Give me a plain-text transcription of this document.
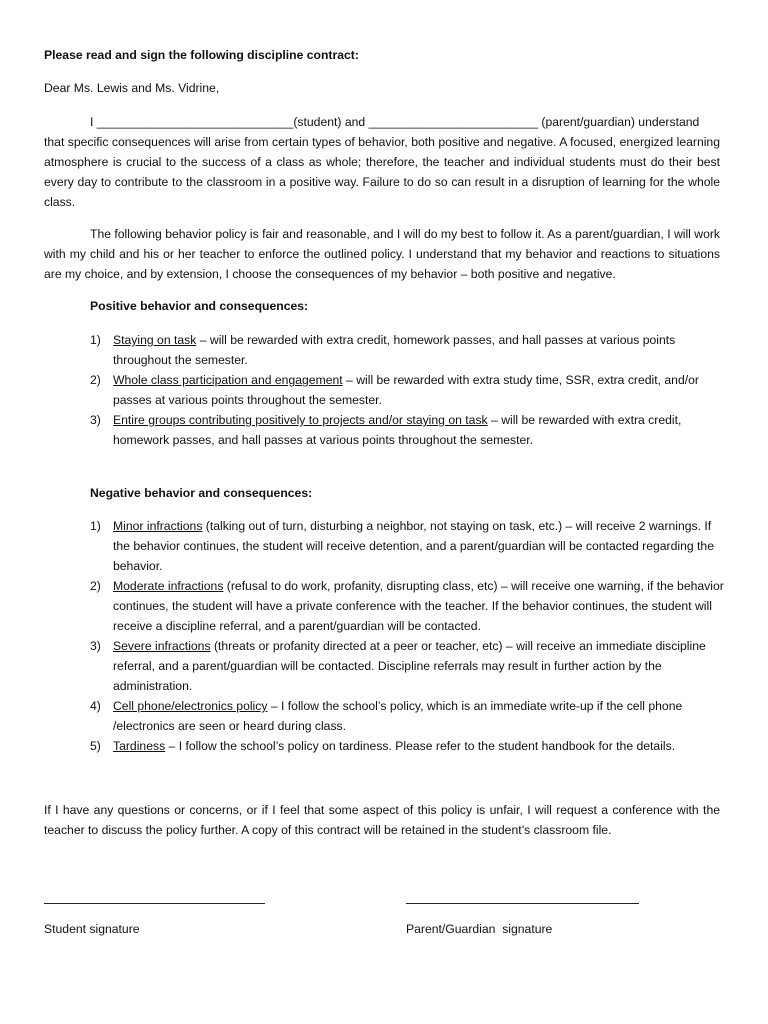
Please read and sign the following discipline contract:
Dear Ms. Lewis and Ms. Vidrine,
I _____________________________(student) and _________________________ (parent/guardian) understand
that specific consequences will arise from certain types of behavior, both positive and negative. A focused, energized learning atmosphere is crucial to the success of a class as whole; therefore, the teacher and individual students must do their best every day to contribute to the classroom in a positive way. Failure to do so can result in a disruption of learning for the whole class.
The following behavior policy is fair and reasonable, and I will do my best to follow it. As a parent/guardian, I will work with my child and his or her teacher to enforce the outlined policy. I understand that my behavior and reactions to situations are my choice, and by extension, I choose the consequences of my behavior – both positive and negative.
Positive behavior and consequences:
1) Staying on task – will be rewarded with extra credit, homework passes, and hall passes at various points throughout the semester.
2) Whole class participation and engagement – will be rewarded with extra study time, SSR, extra credit, and/or passes at various points throughout the semester.
3) Entire groups contributing positively to projects and/or staying on task – will be rewarded with extra credit, homework passes, and hall passes at various points throughout the semester.
Negative behavior and consequences:
1) Minor infractions (talking out of turn, disturbing a neighbor, not staying on task, etc.) – will receive 2 warnings. If the behavior continues, the student will receive detention, and a parent/guardian will be contacted regarding the behavior.
2) Moderate infractions (refusal to do work, profanity, disrupting class, etc) – will receive one warning, if the behavior continues, the student will have a private conference with the teacher. If the behavior continues, the student will receive a discipline referral, and a parent/guardian will be contacted.
3) Severe infractions (threats or profanity directed at a peer or teacher, etc) – will receive an immediate discipline referral, and a parent/guardian will be contacted. Discipline referrals may result in further action by the administration.
4) Cell phone/electronics policy – I follow the school’s policy, which is an immediate write-up if the cell phone /electronics are seen or heard during class.
5) Tardiness – I follow the school’s policy on tardiness. Please refer to the student handbook for the details.
If I have any questions or concerns, or if I feel that some aspect of this policy is unfair, I will request a conference with the teacher to discuss the policy further. A copy of this contract will be retained in the student’s classroom file.
Student signature	Parent/Guardian  signature
